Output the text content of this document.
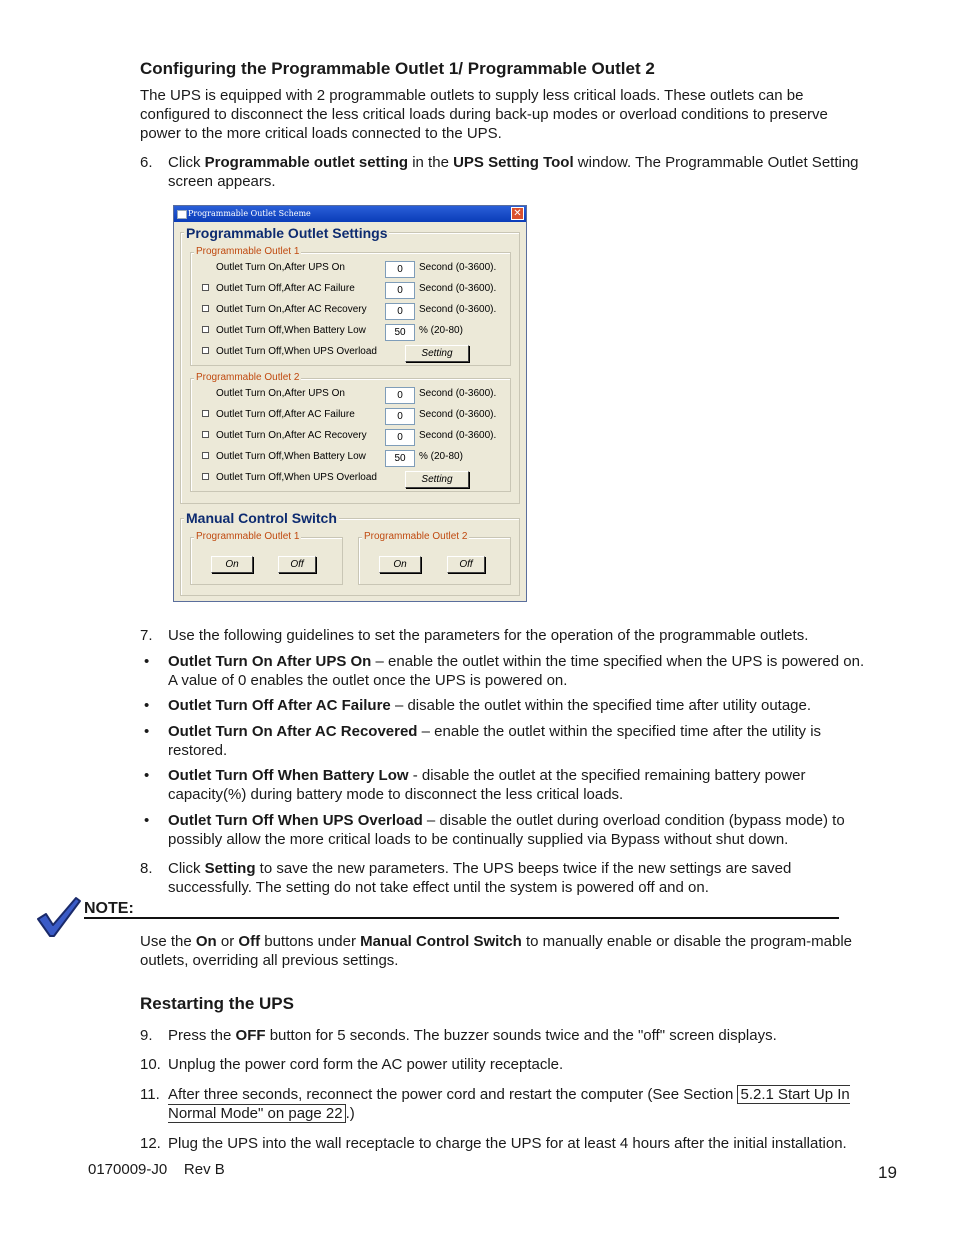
Configuring the Programmable Outlet 1/ Programmable Outlet 2

The UPS is equipped with 2 programmable outlets to supply less critical loads. These outlets can be configured to disconnect the less critical loads during back-up modes or overload conditions to preserve power to the more critical loads connected to the UPS.

6.	Click Programmable outlet setting in the UPS Setting Tool window. The Programmable Outlet Setting screen appears.

Programmable Outlet Scheme	✕
Programmable Outlet Settings
Programmable Outlet 1
Outlet Turn On,After UPS On	0	Second (0-3600).
Outlet Turn Off,After AC Failure	0	Second (0-3600).
Outlet Turn On,After AC Recovery	0	Second (0-3600).
Outlet Turn Off,When Battery Low	50	% (20-80)
Outlet Turn Off,When UPS Overload	Setting
Programmable Outlet 2
Outlet Turn On,After UPS On	0	Second (0-3600).
Outlet Turn Off,After AC Failure	0	Second (0-3600).
Outlet Turn On,After AC Recovery	0	Second (0-3600).
Outlet Turn Off,When Battery Low	50	% (20-80)
Outlet Turn Off,When UPS Overload	Setting
Manual Control Switch
Programmable Outlet 1
On	Off
Programmable Outlet 2
On	Off
7.	Use the following guidelines to set the parameters for the operation of the programmable outlets.

•	Outlet Turn On After UPS On – enable the outlet within the time specified when the UPS is powered on. A value of 0 enables the outlet once the UPS is powered on.

•	Outlet Turn Off After AC Failure – disable the outlet within the specified time after utility outage.

•	Outlet Turn On After AC Recovered – enable the outlet within the specified time after the utility is restored.

•	Outlet Turn Off When Battery Low - disable the outlet at the specified remaining battery power capacity(%) during battery mode to disconnect the less critical loads.

•	Outlet Turn Off When UPS Overload – disable the outlet during overload condition (bypass mode) to possibly allow the more critical loads to be continually supplied via Bypass without shut down.

8.	Click Setting to save the new parameters. The UPS beeps twice if the new settings are saved successfully. The setting do not take effect until the system is powered off and on.

NOTE:

Use the On or Off buttons under Manual Control Switch to manually enable or disable the program-mable outlets, overriding all previous settings.

Restarting the UPS
9.	Press the OFF button for 5 seconds. The buzzer sounds twice and the "off" screen displays.

10. Unplug the power cord form the AC power utility receptacle.

11. After three seconds, reconnect the power cord and restart the computer (See Section 5.2.1 Start Up In Normal Mode" on page 22 .)

12. Plug the UPS into the wall receptacle to charge the UPS for at least 4 hours after the initial installation.

0170009-J0    Rev B	19
